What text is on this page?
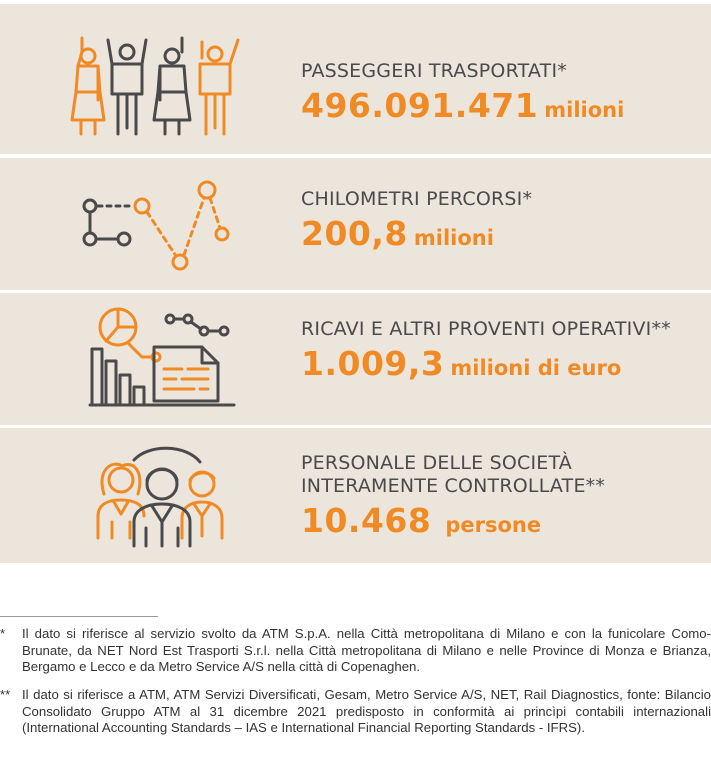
PASSEGGERI TRASPORTATI*
496.091.471 milioni
CHILOMETRI PERCORSI*
200,8 milioni
RICAVI E ALTRI PROVENTI OPERATIVI**
1.009,3 milioni di euro
PERSONALE DELLE SOCIETÀ
INTERAMENTE CONTROLLATE**
10.468 persone
* Il dato si riferisce al servizio svolto da ATM S.p.A. nella Città metropolitana di Milano e con la funicolare Como-Brunate, da NET Nord Est Trasporti S.r.l. nella Città metropolitana di Milano e nelle Province di Monza e Brianza, Bergamo e Lecco e da Metro Service A/S nella città di Copenaghen.
** Il dato si riferisce a ATM, ATM Servizi Diversificati, Gesam, Metro Service A/S, NET, Rail Diagnostics, fonte: Bilancio Consolidato Gruppo ATM al 31 dicembre 2021 predisposto in conformità ai princìpi contabili internazionali (International Accounting Standards – IAS e International Financial Reporting Standards - IFRS).
